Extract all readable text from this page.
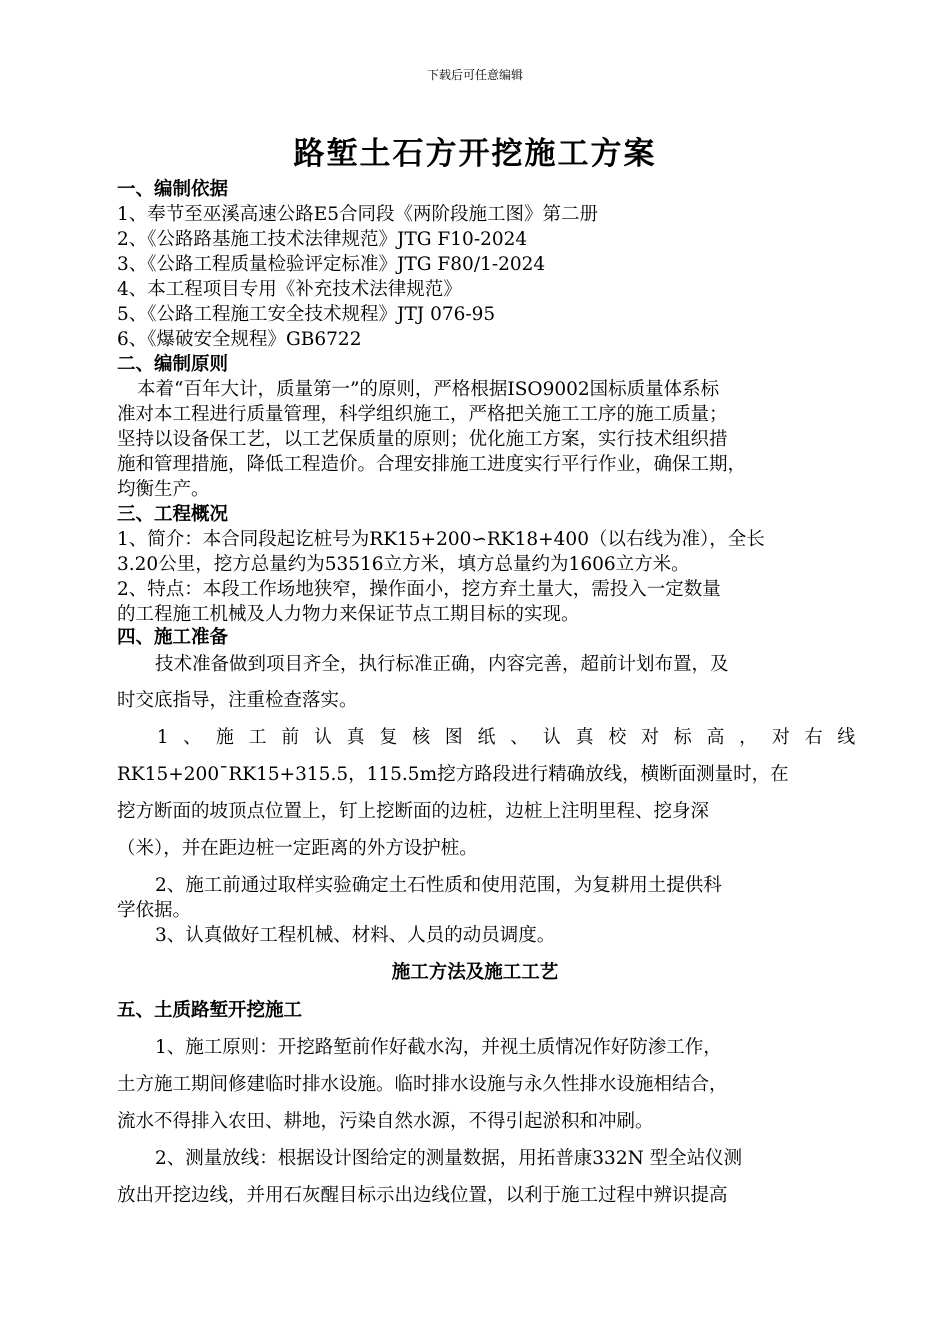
下载后可任意编辑
路堑土石方开挖施工方案
一、编制依据
1、奉节至巫溪高速公路E5合同段《两阶段施工图》第二册
2、《公路路基施工技术法律规范》JTG F10-2024
3、《公路工程质量检验评定标准》JTG F80/1-2024
4、本工程项目专用《补充技术法律规范》
5、《公路工程施工安全技术规程》JTJ 076-95
6、《爆破安全规程》GB6722
二、编制原则
本着“百年大计，质量第一”的原则，严格根据ISO9002国标质量体系标
准对本工程进行质量管理，科学组织施工，严格把关施工工序的施工质量；
坚持以设备保工艺，以工艺保质量的原则；优化施工方案，实行技术组织措
施和管理措施，降低工程造价。合理安排施工进度实行平行作业，确保工期，
均衡生产。
三、工程概况
1、简介：本合同段起讫桩号为RK15+200∽RK18+400（以右线为准），全长
3.20公里，挖方总量约为53516立方米，填方总量约为1606立方米。
2、特点：本段工作场地狭窄，操作面小，挖方弃土量大，需投入一定数量
的工程施工机械及人力物力来保证节点工期目标的实现。
四、施工准备
技术准备做到项目齐全，执行标准正确，内容完善，超前计划布置，及
时交底指导，注重检查落实。
1、施工前认真复核图纸、认真校对标高，对右线
RK15+200¯RK15+315.5，115.5m挖方路段进行精确放线，横断面测量时，在
挖方断面的坡顶点位置上，钉上挖断面的边桩，边桩上注明里程、挖身深
（米），并在距边桩一定距离的外方设护桩。
2、施工前通过取样实验确定土石性质和使用范围，为复耕用土提供科
学依据。
3、认真做好工程机械、材料、人员的动员调度。
施工方法及施工工艺
五、土质路堑开挖施工
1、施工原则：开挖路堑前作好截水沟，并视土质情况作好防渗工作，
土方施工期间修建临时排水设施。临时排水设施与永久性排水设施相结合，
流水不得排入农田、耕地，污染自然水源，不得引起淤积和冲刷。
2、测量放线：根据设计图给定的测量数据，用拓普康332N 型全站仪测
放出开挖边线，并用石灰醒目标示出边线位置，以利于施工过程中辨识提高
